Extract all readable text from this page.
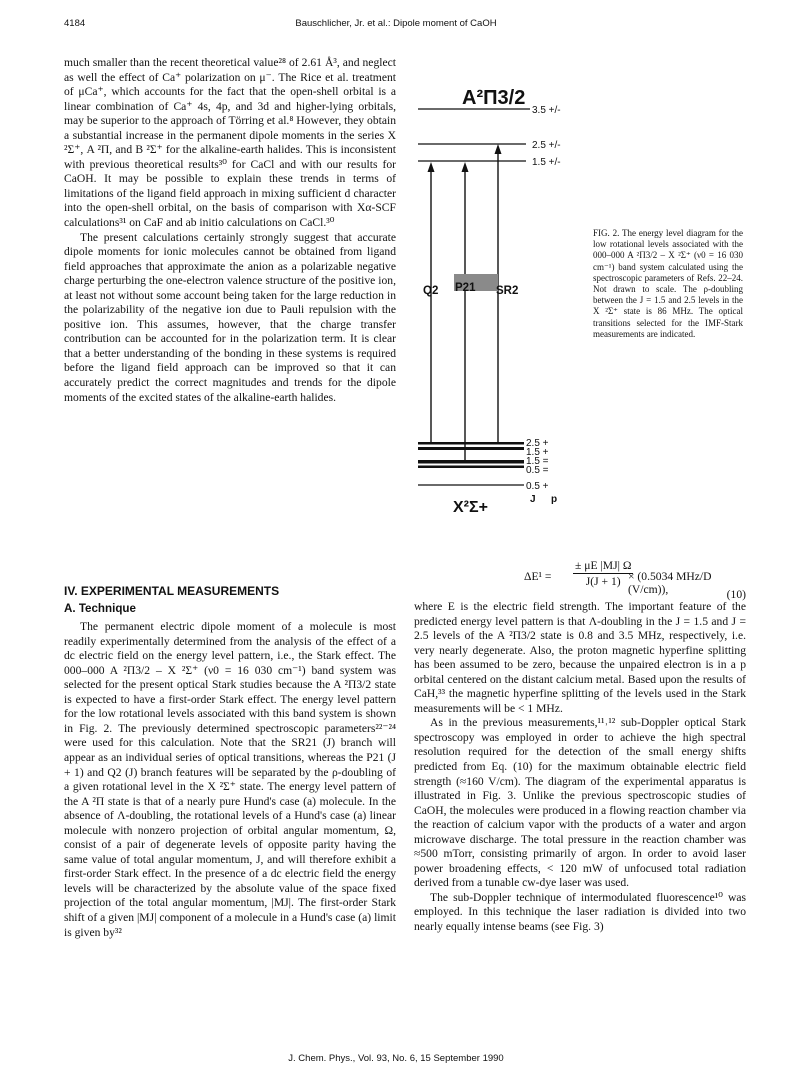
4184	Bauschlicher, Jr. et al.: Dipole moment of CaOH

much smaller than the recent theoretical value²⁸ of 2.61 Å³, and neglect as well the effect of Ca⁺ polarization on μ⁻. The Rice et al. treatment of μCa⁺, which accounts for the fact that the open-shell orbital is a linear combination of Ca⁺ 4s, 4p, and 3d and higher-lying orbitals, may be superior to the approach of Törring et al.⁸ However, they obtain a substantial increase in the permanent dipole moments in the series X ²Σ⁺, A ²Π, and B ²Σ⁺ for the alkaline-earth halides. This is inconsistent with previous theoretical results³⁰ for CaCl and with our results for CaOH. It may be possible to explain these trends in terms of limitations of the ligand field approach in mixing sufficient d character into the open-shell orbital, on the basis of comparison with Xα-SCF calculations³¹ on CaF and ab initio calculations on CaCl.³⁰

The present calculations certainly strongly suggest that accurate dipole moments for ionic molecules cannot be obtained from ligand field approaches that approximate the anion as a polarizable negative charge perturbing the one-electron valence structure of the positive ion, at least not without some account being taken for the large reduction in the polarizability of the negative ion due to Pauli repulsion with the positive ion. This assumes, however, that the charge transfer contribution can be accounted for in the polarization term. It is clear that a better understanding of the bonding in these systems is required before the ligand field approach can be improved so that it can accurately predict the correct magnitudes and trends for the dipole moments of the excited states of the alkaline-earth halides.

A²Π3/2
3.5 +/-
2.5 +/-
1.5 +/-
Q2 P21 SR2
2.5 +
1.5 +
1.5 =
0.5 =
0.5 +
X²Σ+	J p
FIG. 2. The energy level diagram for the low rotational levels associated with the 000–000 A ²Π3/2 – X ²Σ⁺ (ν0 = 16 030 cm⁻¹) band system calculated using the spectroscopic parameters of Refs. 22–24. Not drawn to scale. The ρ-doubling between the J = 1.5 and 2.5 levels in the X ²Σ⁺ state is 86 MHz. The optical transitions selected for the IMF-Stark measurements are indicated.
IV. EXPERIMENTAL MEASUREMENTS
A. Technique

The permanent electric dipole moment of a molecule is most readily experimentally determined from the analysis of the effect of a dc electric field on the energy level pattern, i.e., the Stark effect. The 000–000 A ²Π3/2 – X ²Σ⁺ (ν0 = 16 030 cm⁻¹) band system was selected for the present optical Stark studies because the A ²Π3/2 state is expected to have a first-order Stark effect. The energy level pattern for the low rotational levels associated with this band system is shown in Fig. 2. The previously determined spectroscopic parameters²²⁻²⁴ were used for this calculation. Note that the SR21 (J) branch will appear as an individual series of optical transitions, whereas the P21 (J + 1) and Q2 (J) branch features will be separated by the ρ-doubling of a given rotational level in the X ²Σ⁺ state. The energy level pattern of the A ²Π state is that of a nearly pure Hund's case (a) molecule. In the absence of Λ-doubling, the rotational levels of a Hund's case (a) linear molecule with nonzero projection of orbital angular momentum, Ω, consist of a pair of degenerate levels of opposite parity having the same value of total angular momentum, J, and will therefore exhibit a first-order Stark effect. In the presence of a dc electric field the energy levels will be characterized by the absolute value of the space fixed projection of the total angular momentum, |MJ|. The first-order Stark shift of a given |MJ| component of a molecule in a Hund's case (a) limit is given by³²

$\Delta E^1 = \frac{\pm \mu E |MJ| \Omega}{J(J + 1)}$
× (0.5034 MHz/D (V/cm)),	(10)

where E is the electric field strength. The important feature of the predicted energy level pattern is that Λ-doubling in the J = 1.5 and J = 2.5 levels of the A ²Π3/2 state is 0.8 and 3.5 MHz, respectively, i.e. very nearly degenerate. Also, the proton magnetic hyperfine splitting has been assumed to be zero, because the unpaired electron is in a p orbital centered on the distant calcium metal. Based upon the results of CaH,³³ the magnetic hyperfine splitting of the levels used in the Stark measurements will be < 1 MHz.

As in the previous measurements,¹¹˒¹² sub-Doppler optical Stark spectroscopy was employed in order to achieve the high spectral resolution required for the detection of the small energy shifts predicted from Eq. (10) for the maximum obtainable electric field strength (≈160 V/cm). The diagram of the experimental apparatus is illustrated in Fig. 3. Unlike the previous spectroscopic studies of CaOH, the molecules were produced in a flowing reaction chamber via the reaction of calcium vapor with the products of a water and argon microwave discharge. The total pressure in the reaction chamber was ≈500 mTorr, consisting primarily of argon. In order to avoid laser power broadening effects, < 120 mW of unfocused total radiation derived from a tunable cw-dye laser was used.

The sub-Doppler technique of intermodulated fluorescence¹⁰ was employed. In this technique the laser radiation is divided into two nearly equally intense beams (see Fig. 3)

J. Chem. Phys., Vol. 93, No. 6, 15 September 1990
